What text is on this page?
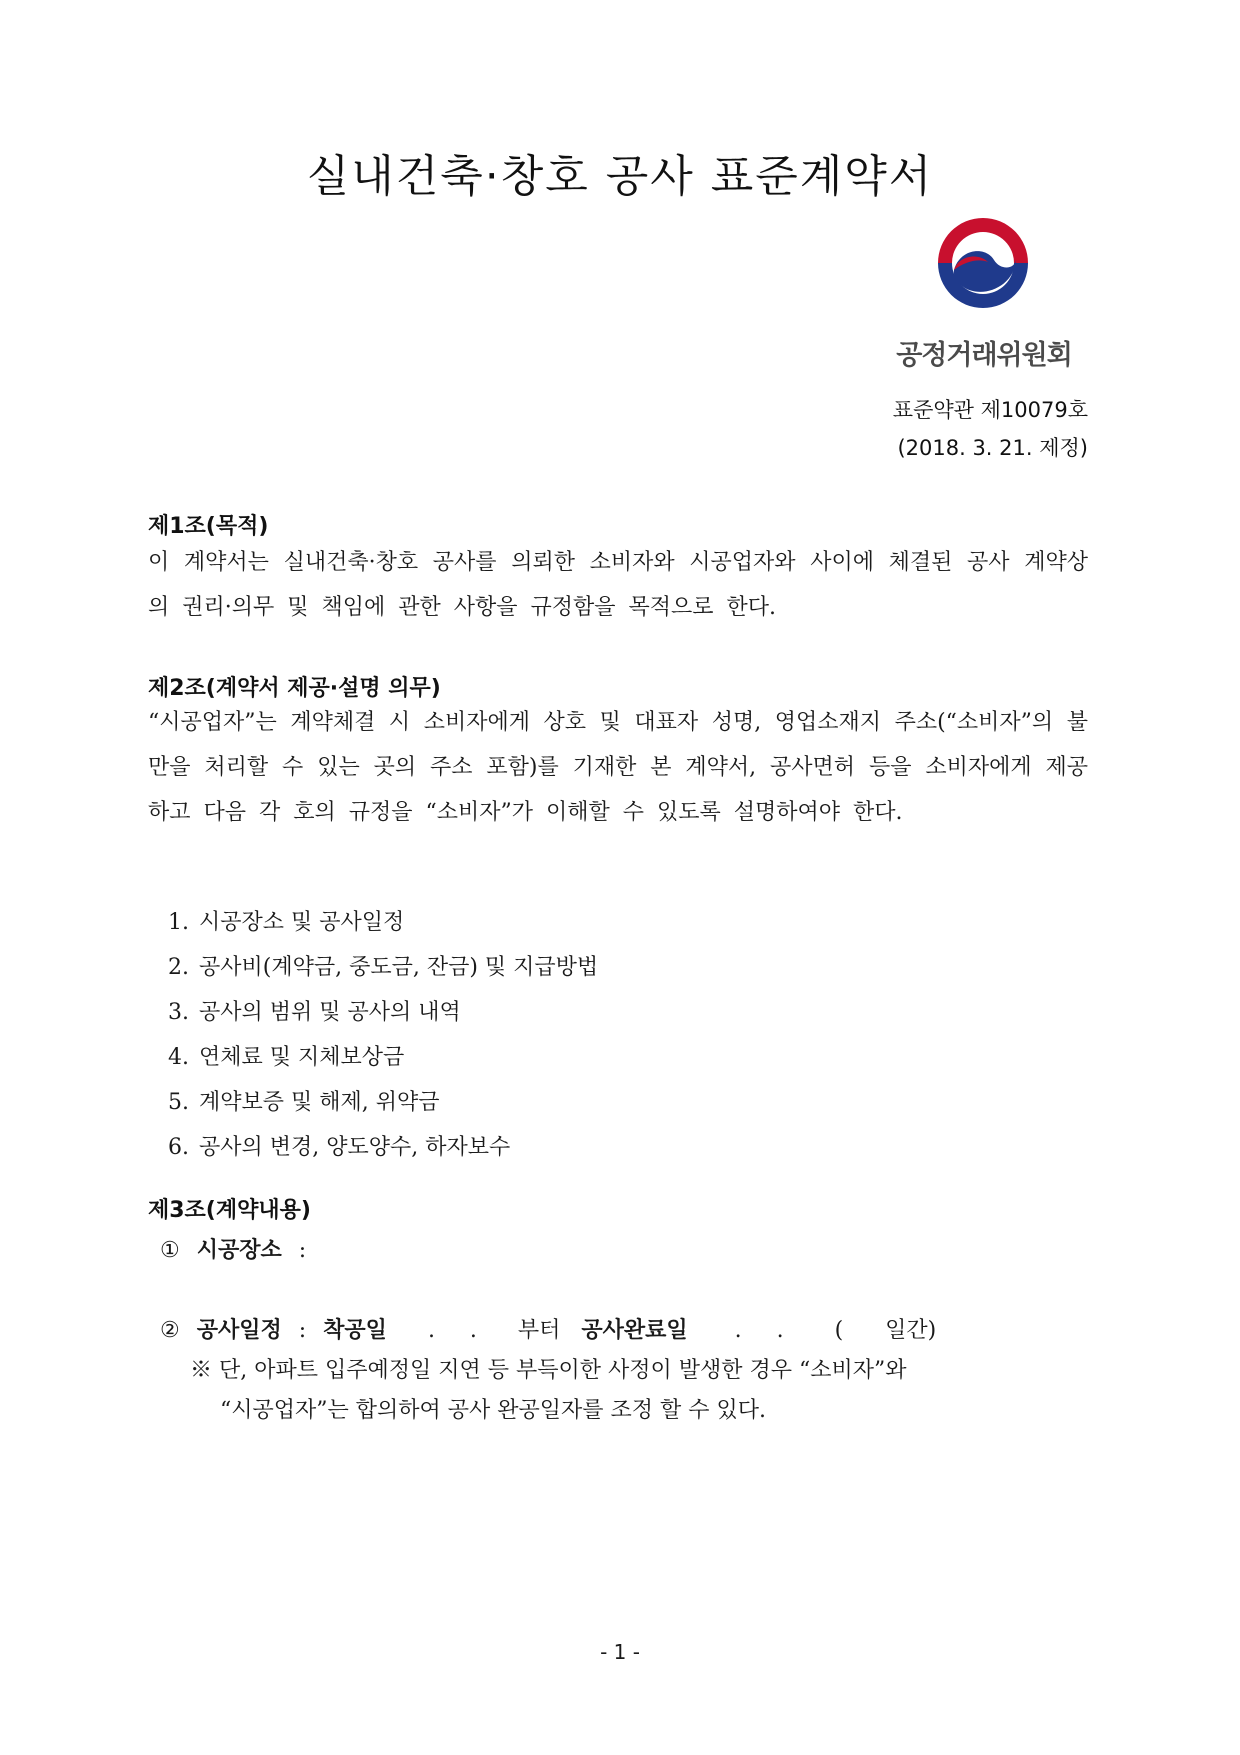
실내건축·창호 공사 표준계약서
공정거래위원회
표준약관 제10079호
(2018. 3. 21. 제정)
제1조(목적)
이 계약서는 실내건축·창호 공사를 의뢰한 소비자와 시공업자와 사이에 체결된 공사 계약상의 권리·의무 및 책임에 관한 사항을 규정함을 목적으로 한다.
제2조(계약서 제공·설명 의무)
“시공업자”는 계약체결 시 소비자에게 상호 및 대표자 성명, 영업소재지 주소(“소비자”의 불만을 처리할 수 있는 곳의 주소 포함)를 기재한 본 계약서, 공사면허 등을 소비자에게 제공하고 다음 각 호의 규정을 “소비자”가 이해할 수 있도록 설명하여야 한다.
1. 시공장소 및 공사일정
2. 공사비(계약금, 중도금, 잔금) 및 지급방법
3. 공사의 범위 및 공사의 내역
4. 연체료 및 지체보상금
5. 계약보증 및 해제, 위약금
6. 공사의 변경, 양도양수, 하자보수
제3조(계약내용)
① 시공장소 :
② 공사일정 : 착공일 .     . 부터 공사완료일 .     . (      일간)
※ 단, 아파트 입주예정일 지연 등 부득이한 사정이 발생한 경우 “소비자”와
“시공업자”는 합의하여 공사 완공일자를 조정 할 수 있다.
- 1 -
